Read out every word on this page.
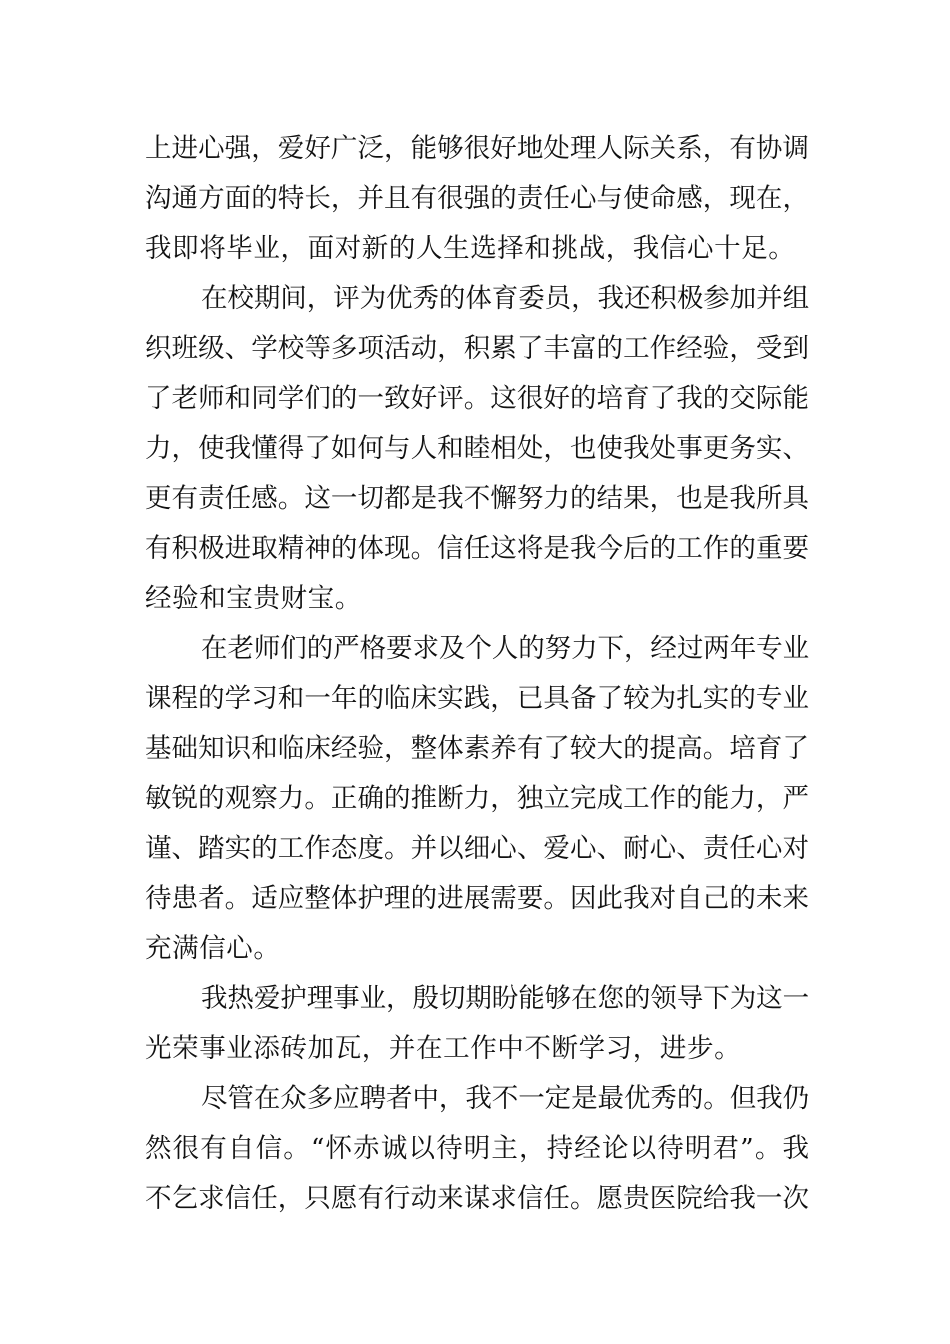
上进心强，爱好广泛，能够很好地处理人际关系，有协调
沟通方面的特长，并且有很强的责任心与使命感，现在，
我即将毕业，面对新的人生选择和挑战，我信心十足。
在校期间，评为优秀的体育委员，我还积极参加并组
织班级、学校等多项活动，积累了丰富的工作经验，受到
了老师和同学们的一致好评。这很好的培育了我的交际能
力，使我懂得了如何与人和睦相处，也使我处事更务实、
更有责任感。这一切都是我不懈努力的结果，也是我所具
有积极进取精神的体现。信任这将是我今后的工作的重要
经验和宝贵财宝。
在老师们的严格要求及个人的努力下，经过两年专业
课程的学习和一年的临床实践，已具备了较为扎实的专业
基础知识和临床经验，整体素养有了较大的提高。培育了
敏锐的观察力。正确的推断力，独立完成工作的能力，严
谨、踏实的工作态度。并以细心、爱心、耐心、责任心对
待患者。适应整体护理的进展需要。因此我对自己的未来
充满信心。
我热爱护理事业，殷切期盼能够在您的领导下为这一
光荣事业添砖加瓦，并在工作中不断学习，进步。
尽管在众多应聘者中，我不一定是最优秀的。但我仍
然很有自信。“怀赤诚以待明主，持经论以待明君”。我
不乞求信任，只愿有行动来谋求信任。愿贵医院给我一次
